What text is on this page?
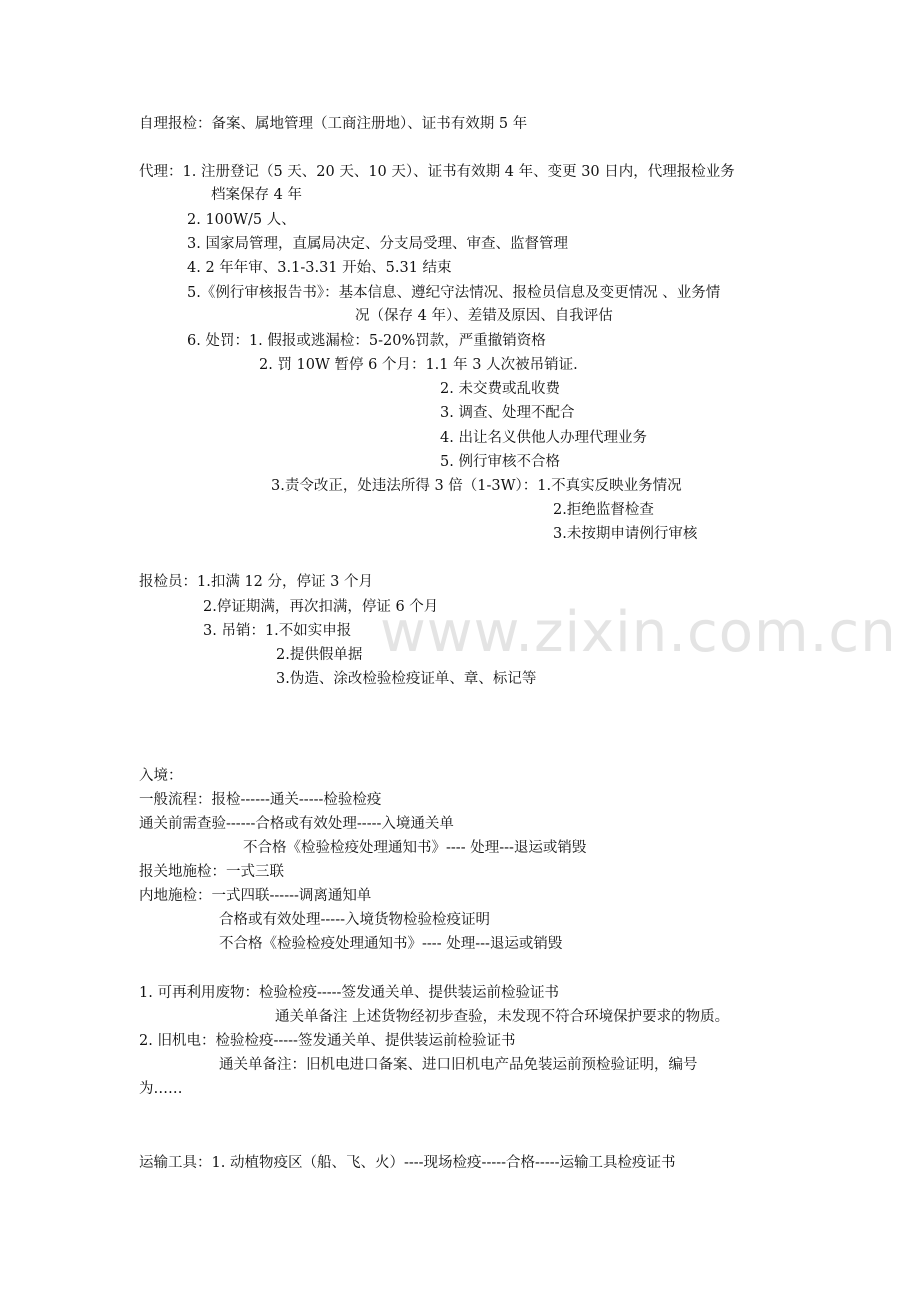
www.zixin.com.cn
自理报检：备案、属地管理（工商注册地）、证书有效期 5 年
代理：1. 注册登记（5 天、20 天、10 天）、证书有效期 4 年、变更 30 日内，代理报检业务
档案保存 4 年
2. 100W/5 人、
3. 国家局管理，直属局决定、分支局受理、审查、监督管理
4. 2 年年审、3.1-3.31 开始、5.31 结束
5.《例行审核报告书》：基本信息、遵纪守法情况、报检员信息及变更情况 、业务情
况（保存 4 年）、差错及原因、自我评估
6. 处罚：1. 假报或逃漏检：5-20%罚款，严重撤销资格
2. 罚 10W 暂停 6 个月：1.1 年 3 人次被吊销证.
2. 未交费或乱收费
3. 调查、处理不配合
4. 出让名义供他人办理代理业务
5. 例行审核不合格
3.责令改正，处违法所得 3 倍（1-3W）：1.不真实反映业务情况
2.拒绝监督检查
3.未按期申请例行审核
报检员：1.扣满 12 分，停证 3 个月
2.停证期满，再次扣满，停证 6 个月
3. 吊销：1.不如实申报
2.提供假单据
3.伪造、涂改检验检疫证单、章、标记等
入境：
一般流程：报检------通关-----检验检疫
通关前需查验------合格或有效处理-----入境通关单
不合格《检验检疫处理通知书》---- 处理---退运或销毁
报关地施检：一式三联
内地施检：一式四联------调离通知单
合格或有效处理-----入境货物检验检疫证明
不合格《检验检疫处理通知书》---- 处理---退运或销毁
1. 可再利用废物：检验检疫-----签发通关单、提供装运前检验证书
通关单备注 上述货物经初步查验，未发现不符合环境保护要求的物质。
2. 旧机电：检验检疫-----签发通关单、提供装运前检验证书
通关单备注：旧机电进口备案、进口旧机电产品免装运前预检验证明，编号
为……
运输工具：1. 动植物疫区（船、飞、火）----现场检疫-----合格-----运输工具检疫证书
